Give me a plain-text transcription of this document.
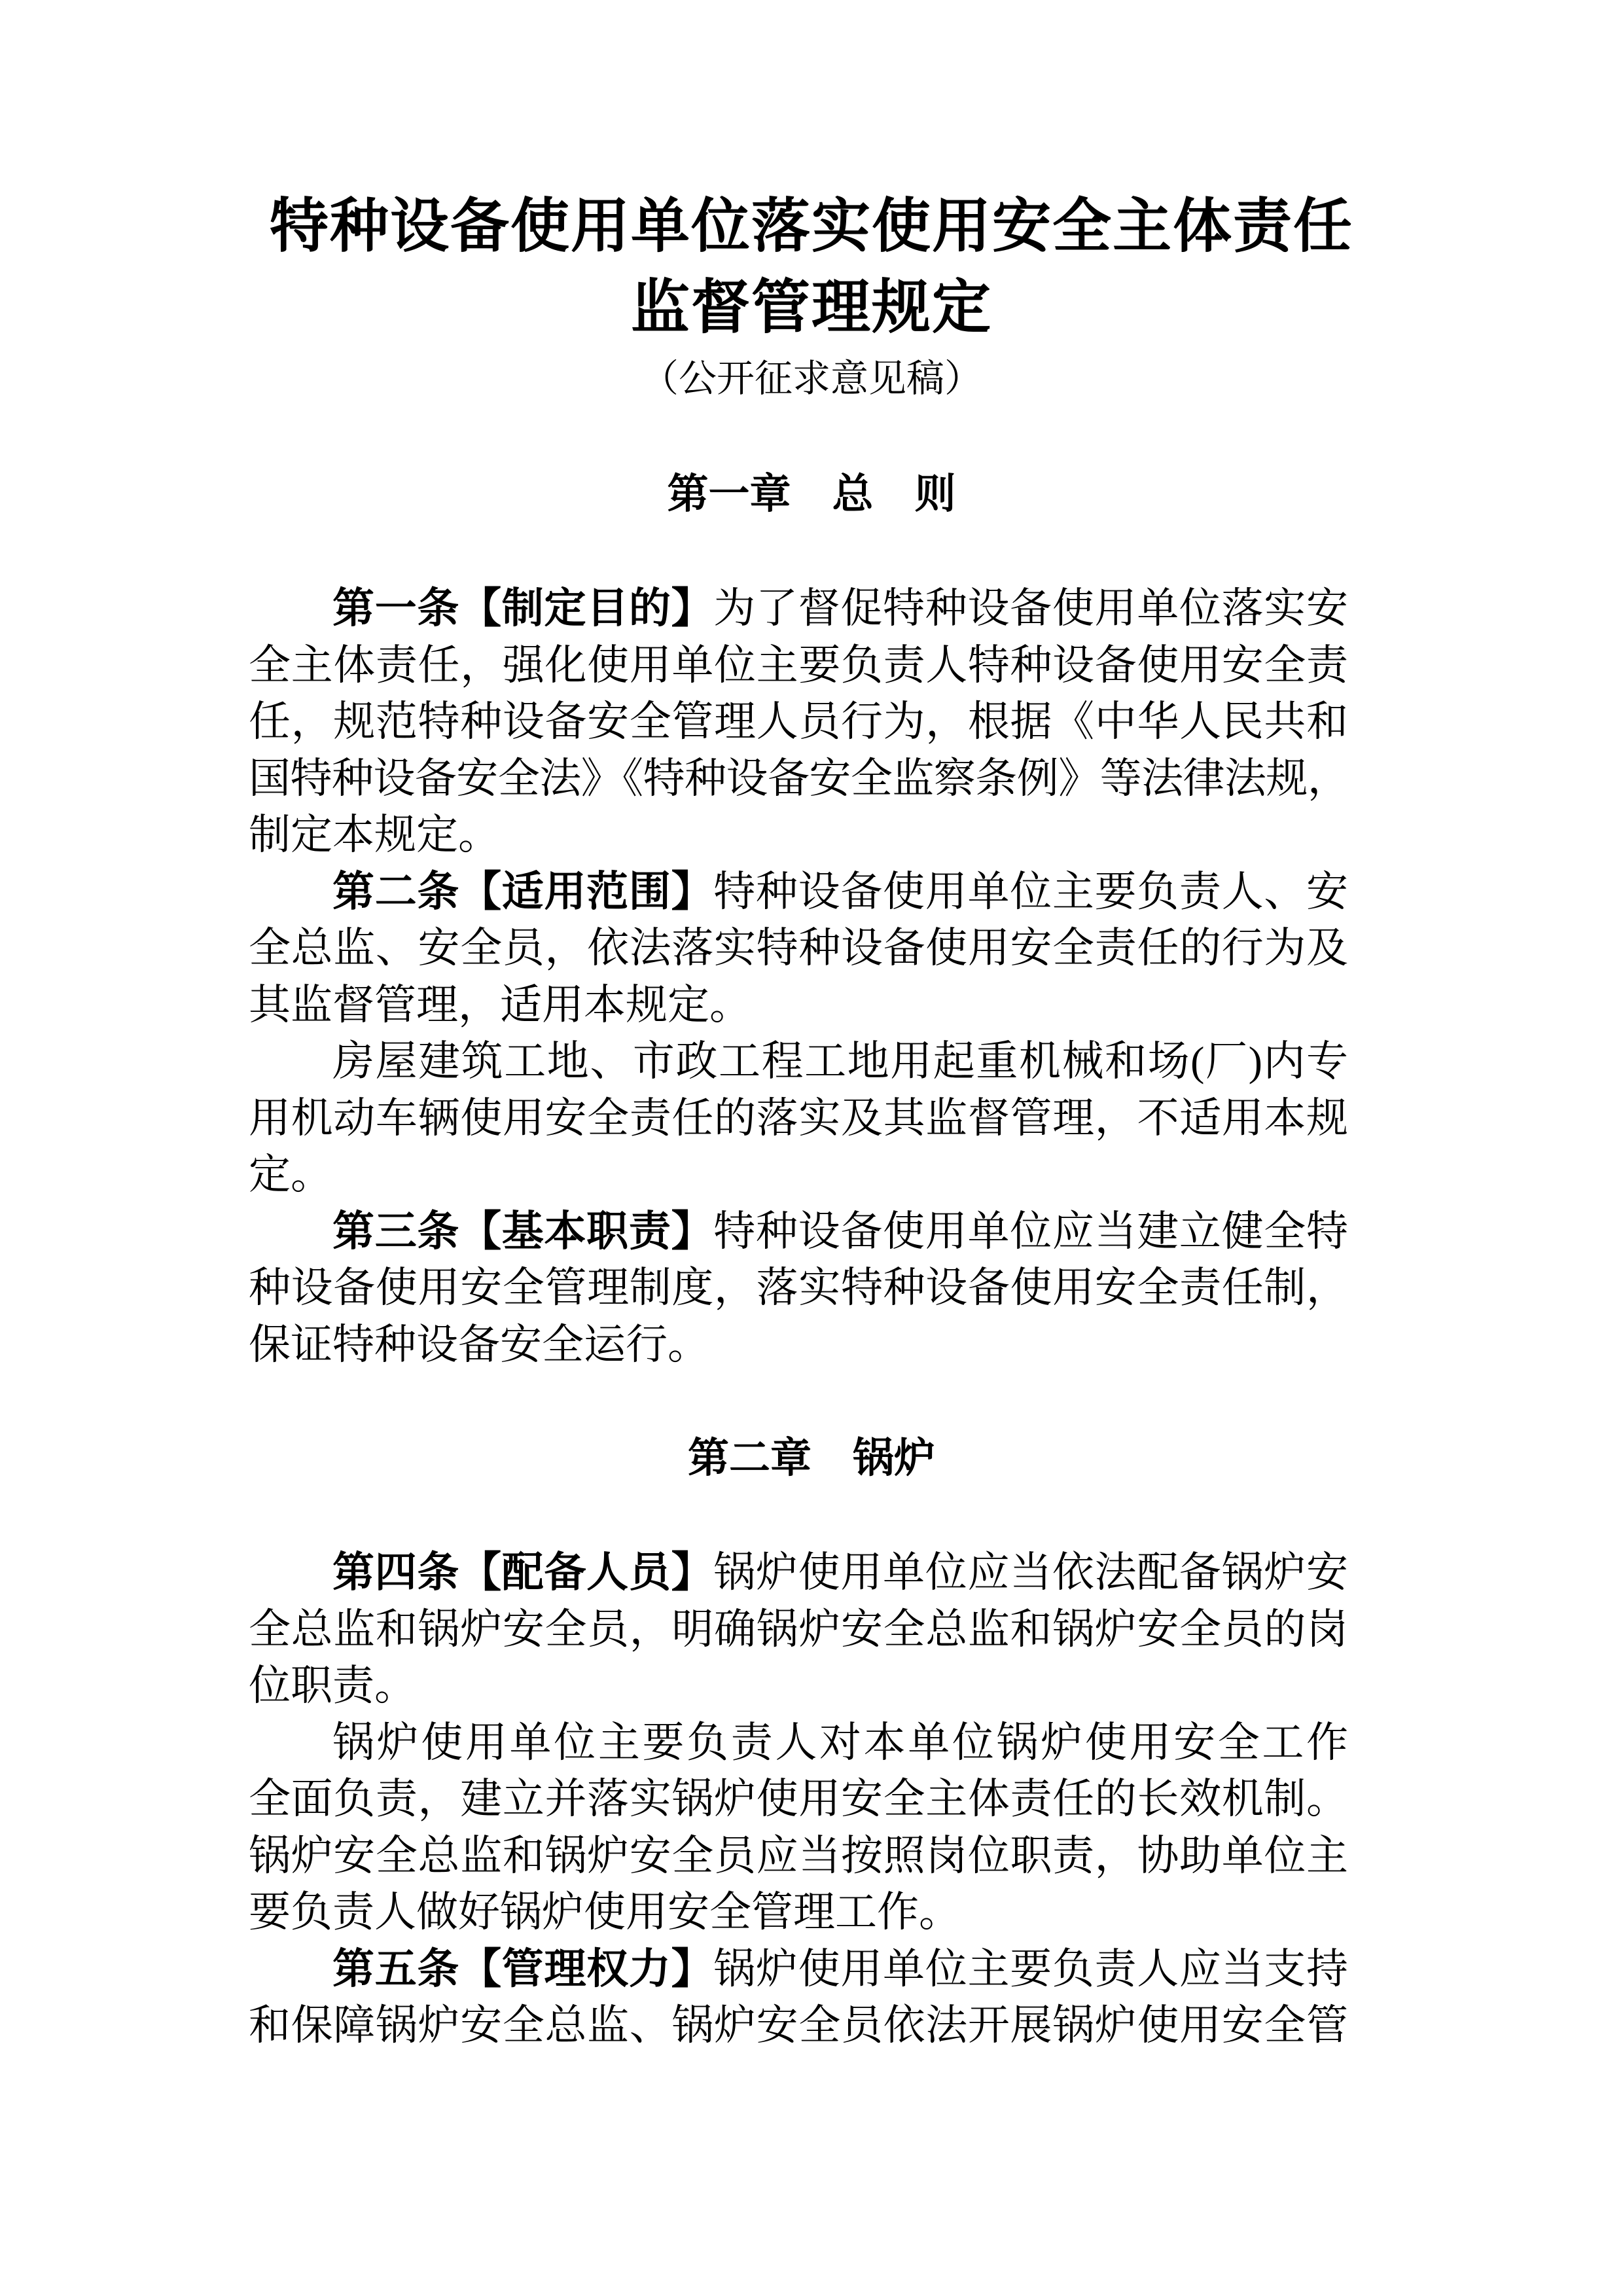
特种设备使用单位落实使用安全主体责任
监督管理规定
（公开征求意见稿）
第一章　总　则
第一条【制定目的】为了督促特种设备使用单位落实安
全主体责任，强化使用单位主要负责人特种设备使用安全责
任，规范特种设备安全管理人员行为，根据《中华人民共和
国特种设备安全法》《特种设备安全监察条例》等法律法规，
制定本规定。
第二条【适用范围】特种设备使用单位主要负责人、安
全总监、安全员，依法落实特种设备使用安全责任的行为及
其监督管理，适用本规定。
房屋建筑工地、市政工程工地用起重机械和场(厂)内专
用机动车辆使用安全责任的落实及其监督管理，不适用本规
定。
第三条【基本职责】特种设备使用单位应当建立健全特
种设备使用安全管理制度，落实特种设备使用安全责任制，
保证特种设备安全运行。
第二章　锅炉
第四条【配备人员】锅炉使用单位应当依法配备锅炉安
全总监和锅炉安全员，明确锅炉安全总监和锅炉安全员的岗
位职责。
锅炉使用单位主要负责人对本单位锅炉使用安全工作
全面负责，建立并落实锅炉使用安全主体责任的长效机制。
锅炉安全总监和锅炉安全员应当按照岗位职责，协助单位主
要负责人做好锅炉使用安全管理工作。
第五条【管理权力】锅炉使用单位主要负责人应当支持
和保障锅炉安全总监、锅炉安全员依法开展锅炉使用安全管
